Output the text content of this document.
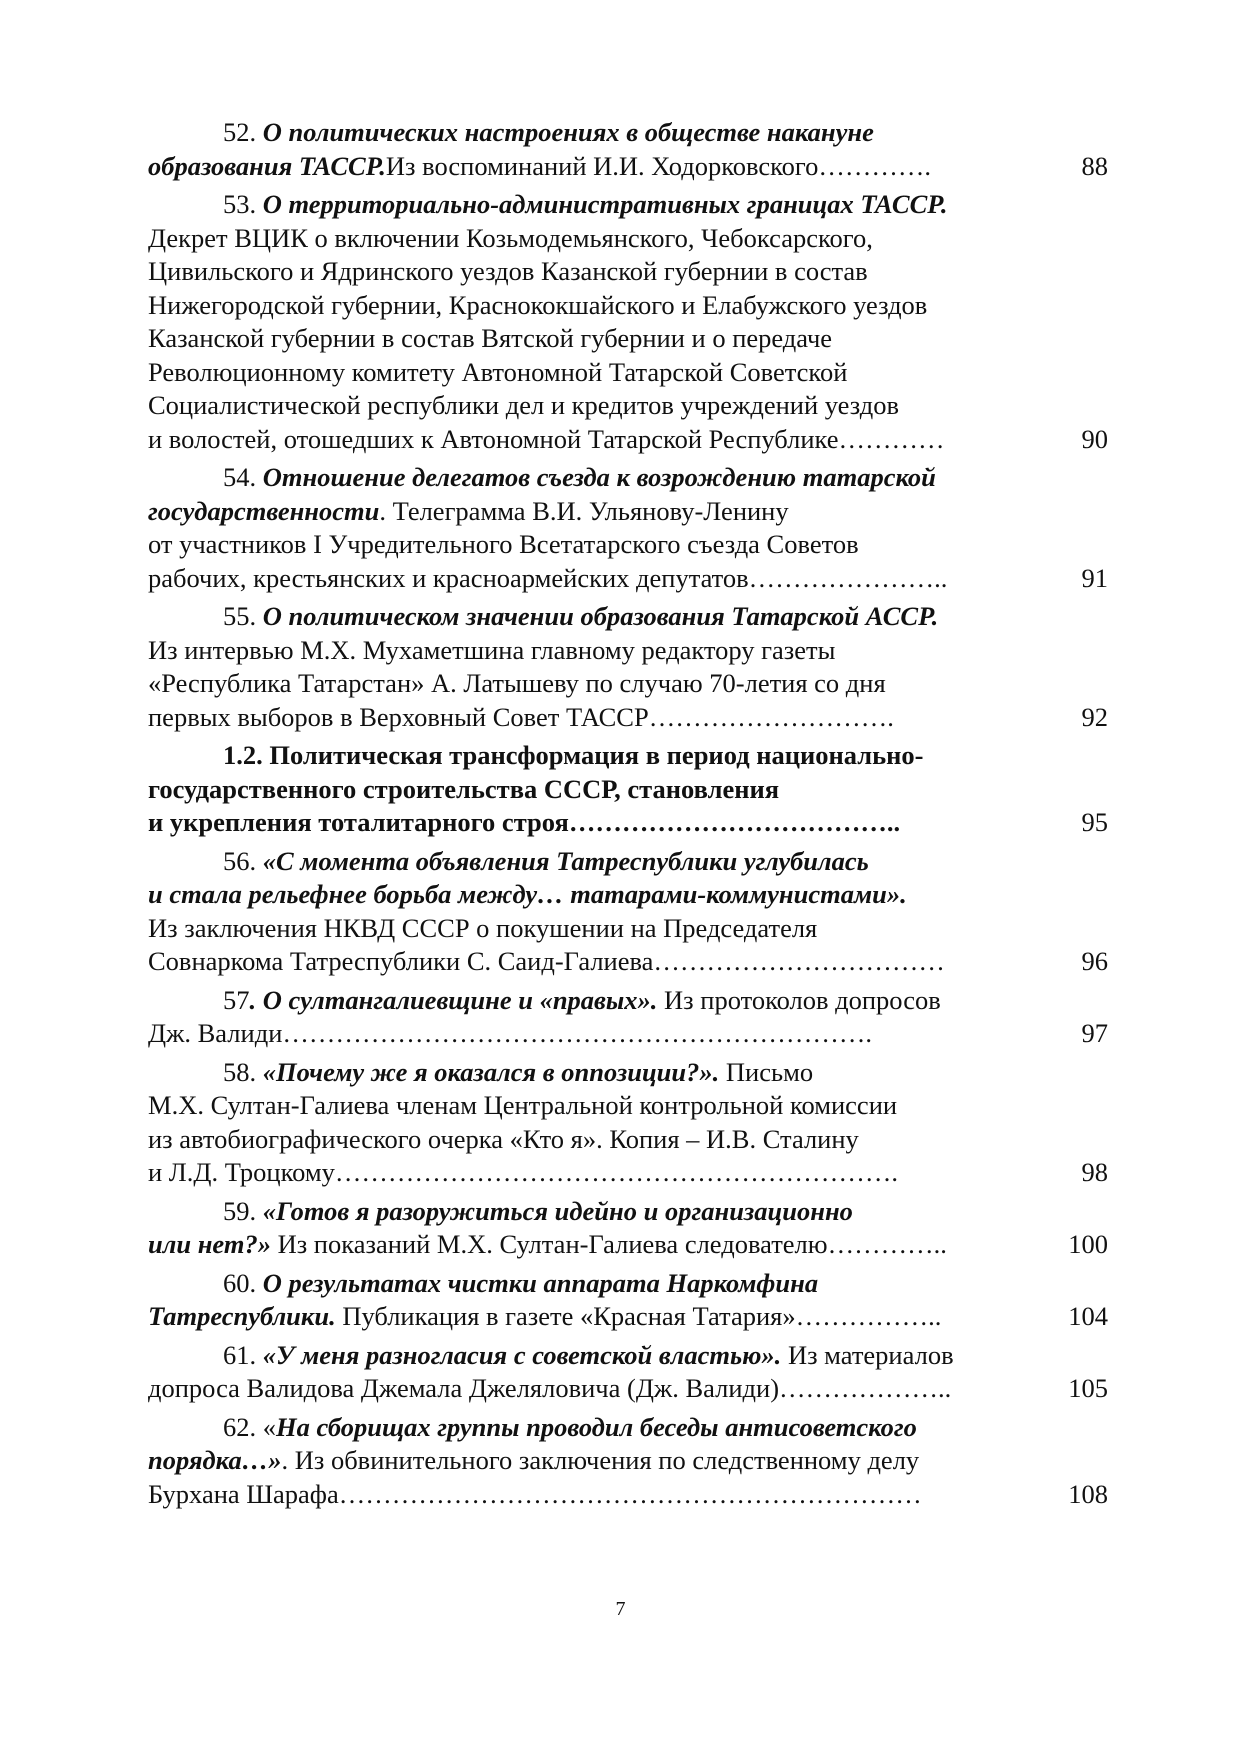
52. О политических настроениях в обществе накануне
образования ТАССР.Из воспоминаний И.И. Ходорковского………….	88
53. О территориально-административных границах ТАССР.
Декрет ВЦИК о включении Козьмодемьянского, Чебоксарского,
Цивильского и Ядринского уездов Казанской губернии в состав
Нижегородской губернии, Краснококшайского и Елабужского уездов
Казанской губернии в состав Вятской губернии и о передаче
Революционному комитету Автономной Татарской Советской
Социалистической республики дел и кредитов учреждений уездов
и волостей, отошедших к Автономной Татарской Республике…………	90
54. Отношение делегатов съезда к возрождению татарской
государственности. Телеграмма В.И. Ульянову-Ленину
от участников I Учредительного Всетатарского съезда Советов
рабочих, крестьянских и красноармейских депутатов…………………..	91
55. О политическом значении образования Татарской АССР.
Из интервью М.Х. Мухаметшина главному редактору газеты
«Республика Татарстан» А. Латышеву по случаю 70-летия со дня
первых выборов в Верховный Совет ТАССР……………………….	92
1.2. Политическая трансформация в период национально-
государственного строительства СССР, становления
и укрепления тоталитарного строя………………………………..	95
56. «С момента объявления Татреспублики углубилась
и стала рельефнее борьба между… татарами-коммунистами».
Из заключения НКВД СССР о покушении на Председателя
Совнаркома Татреспублики С. Саид-Галиева……………………………	96
57. О султангалиевщине и «правых». Из протоколов допросов
Дж. Валиди………………………………………………………….	97
58. «Почему же я оказался в оппозиции?». Письмо
М.Х. Султан-Галиева членам Центральной контрольной комиссии
из автобиографического очерка «Кто я». Копия – И.В. Сталину
и Л.Д. Троцкому……………………………………………………….	98
59. «Готов я разоружиться идейно и организационно
или нет?» Из показаний М.Х. Султан-Галиева следователю…………..	100
60. О результатах чистки аппарата Наркомфина
Татреспублики. Публикация в газете «Красная Татария»……………..	104
61. «У меня разногласия с советской властью». Из материалов
допроса Валидова Джемала Джеляловича (Дж. Валиди)………………..	105
62. «На сборищах группы проводил беседы антисоветского
порядка…». Из обвинительного заключения по следственному делу
Бурхана Шарафа…………………………………………………………	108
7
